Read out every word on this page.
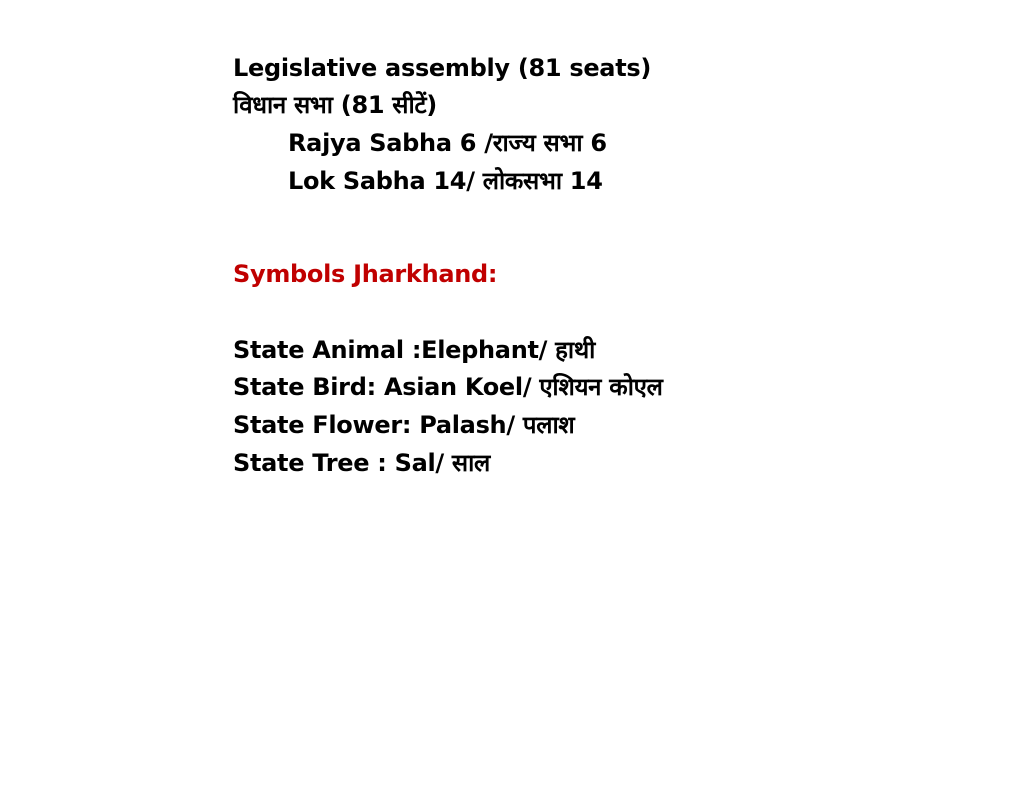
Legislative assembly (81 seats)
विधान सभा (81 सीटें)
Rajya Sabha 6 /राज्य सभा 6
Lok Sabha 14/ लोकसभा 14
Symbols Jharkhand:
State Animal :Elephant/ हाथी
State Bird: Asian Koel/ एशियन कोएल
State Flower: Palash/ पलाश
State Tree : Sal/ साल
